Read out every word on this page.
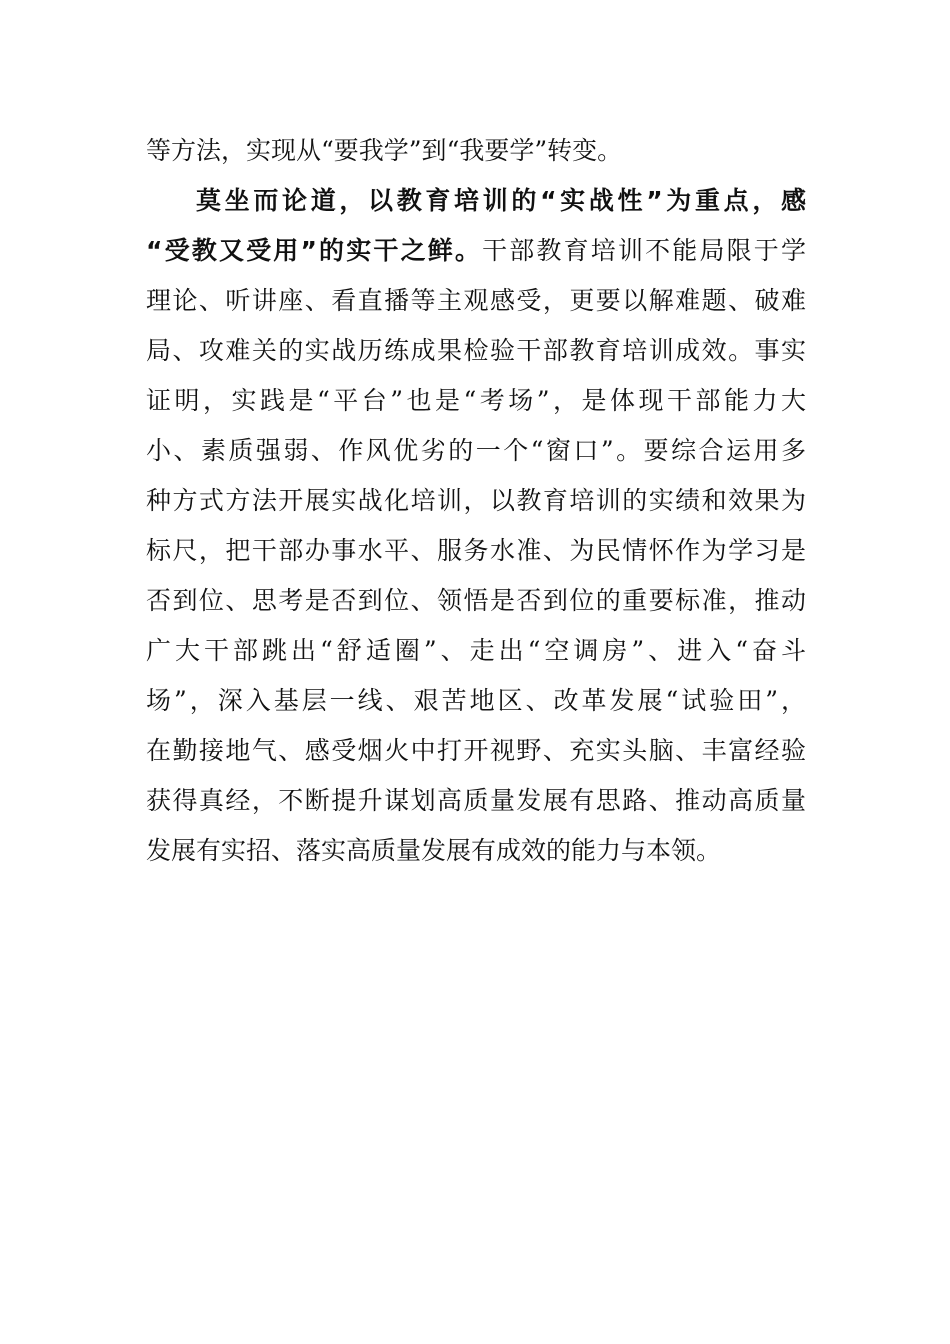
等方法，实现从“要我学”到“我要学”转变。
莫坐而论道，以教育培训的“实战性”为重点，感
“受教又受用”的实干之鲜。干部教育培训不能局限于学
理论、听讲座、看直播等主观感受，更要以解难题、破难
局、攻难关的实战历练成果检验干部教育培训成效。事实
证明，实践是“平台”也是“考场”，是体现干部能力大
小、素质强弱、作风优劣的一个“窗口”。要综合运用多
种方式方法开展实战化培训，以教育培训的实绩和效果为
标尺，把干部办事水平、服务水准、为民情怀作为学习是
否到位、思考是否到位、领悟是否到位的重要标准，推动
广大干部跳出“舒适圈”、走出“空调房”、进入“奋斗
场”，深入基层一线、艰苦地区、改革发展“试验田”，
在勤接地气、感受烟火中打开视野、充实头脑、丰富经验
获得真经，不断提升谋划高质量发展有思路、推动高质量
发展有实招、落实高质量发展有成效的能力与本领。
